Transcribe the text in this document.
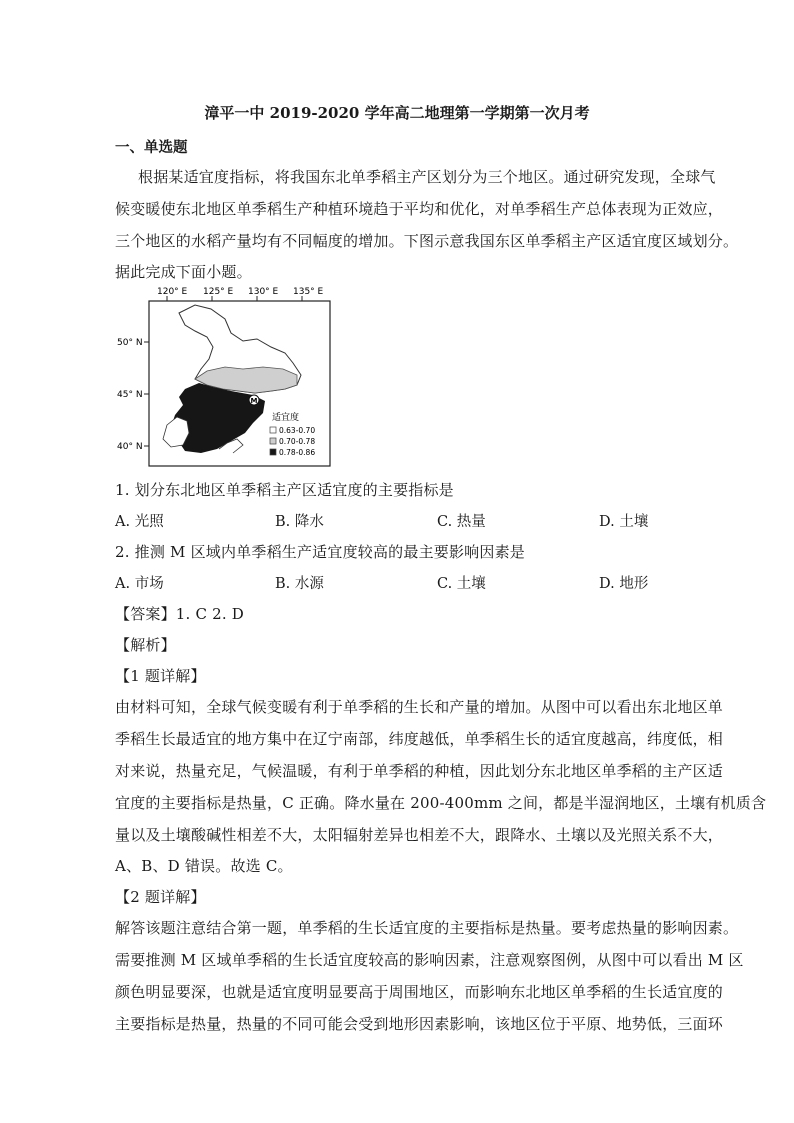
漳平一中 2019-2020 学年高二地理第一学期第一次月考
一、单选题
根据某适宜度指标，将我国东北单季稻主产区划分为三个地区。通过研究发现，全球气
候变暖使东北地区单季稻生产种植环境趋于平均和优化，对单季稻生产总体表现为正效应，
三个地区的水稻产量均有不同幅度的增加。下图示意我国东区单季稻主产区适宜度区域划分。
据此完成下面小题。
120° E 125° E 130° E 135° E
50° N
45° N
40° N
M
适宜度
0.63-0.70
0.70-0.78
0.78-0.86
1. 划分东北地区单季稻主产区适宜度的主要指标是
A. 光照	B. 降水	C. 热量	D. 土壤
2. 推测 M 区域内单季稻生产适宜度较高的最主要影响因素是
A. 市场	B. 水源	C. 土壤	D. 地形
【答案】1. C 2. D
【解析】
【1 题详解】
由材料可知，全球气候变暖有利于单季稻的生长和产量的增加。从图中可以看出东北地区单
季稻生长最适宜的地方集中在辽宁南部，纬度越低，单季稻生长的适宜度越高，纬度低，相
对来说，热量充足，气候温暖，有利于单季稻的种植，因此划分东北地区单季稻的主产区适
宜度的主要指标是热量，C 正确。降水量在 200-400mm 之间，都是半湿润地区，土壤有机质含
量以及土壤酸碱性相差不大，太阳辐射差异也相差不大，跟降水、土壤以及光照关系不大，
A、B、D 错误。故选 C。
【2 题详解】
解答该题注意结合第一题，单季稻的生长适宜度的主要指标是热量。要考虑热量的影响因素。
需要推测 M 区域单季稻的生长适宜度较高的影响因素，注意观察图例，从图中可以看出 M 区
颜色明显要深，也就是适宜度明显要高于周围地区，而影响东北地区单季稻的生长适宜度的
主要指标是热量，热量的不同可能会受到地形因素影响，该地区位于平原、地势低，三面环
